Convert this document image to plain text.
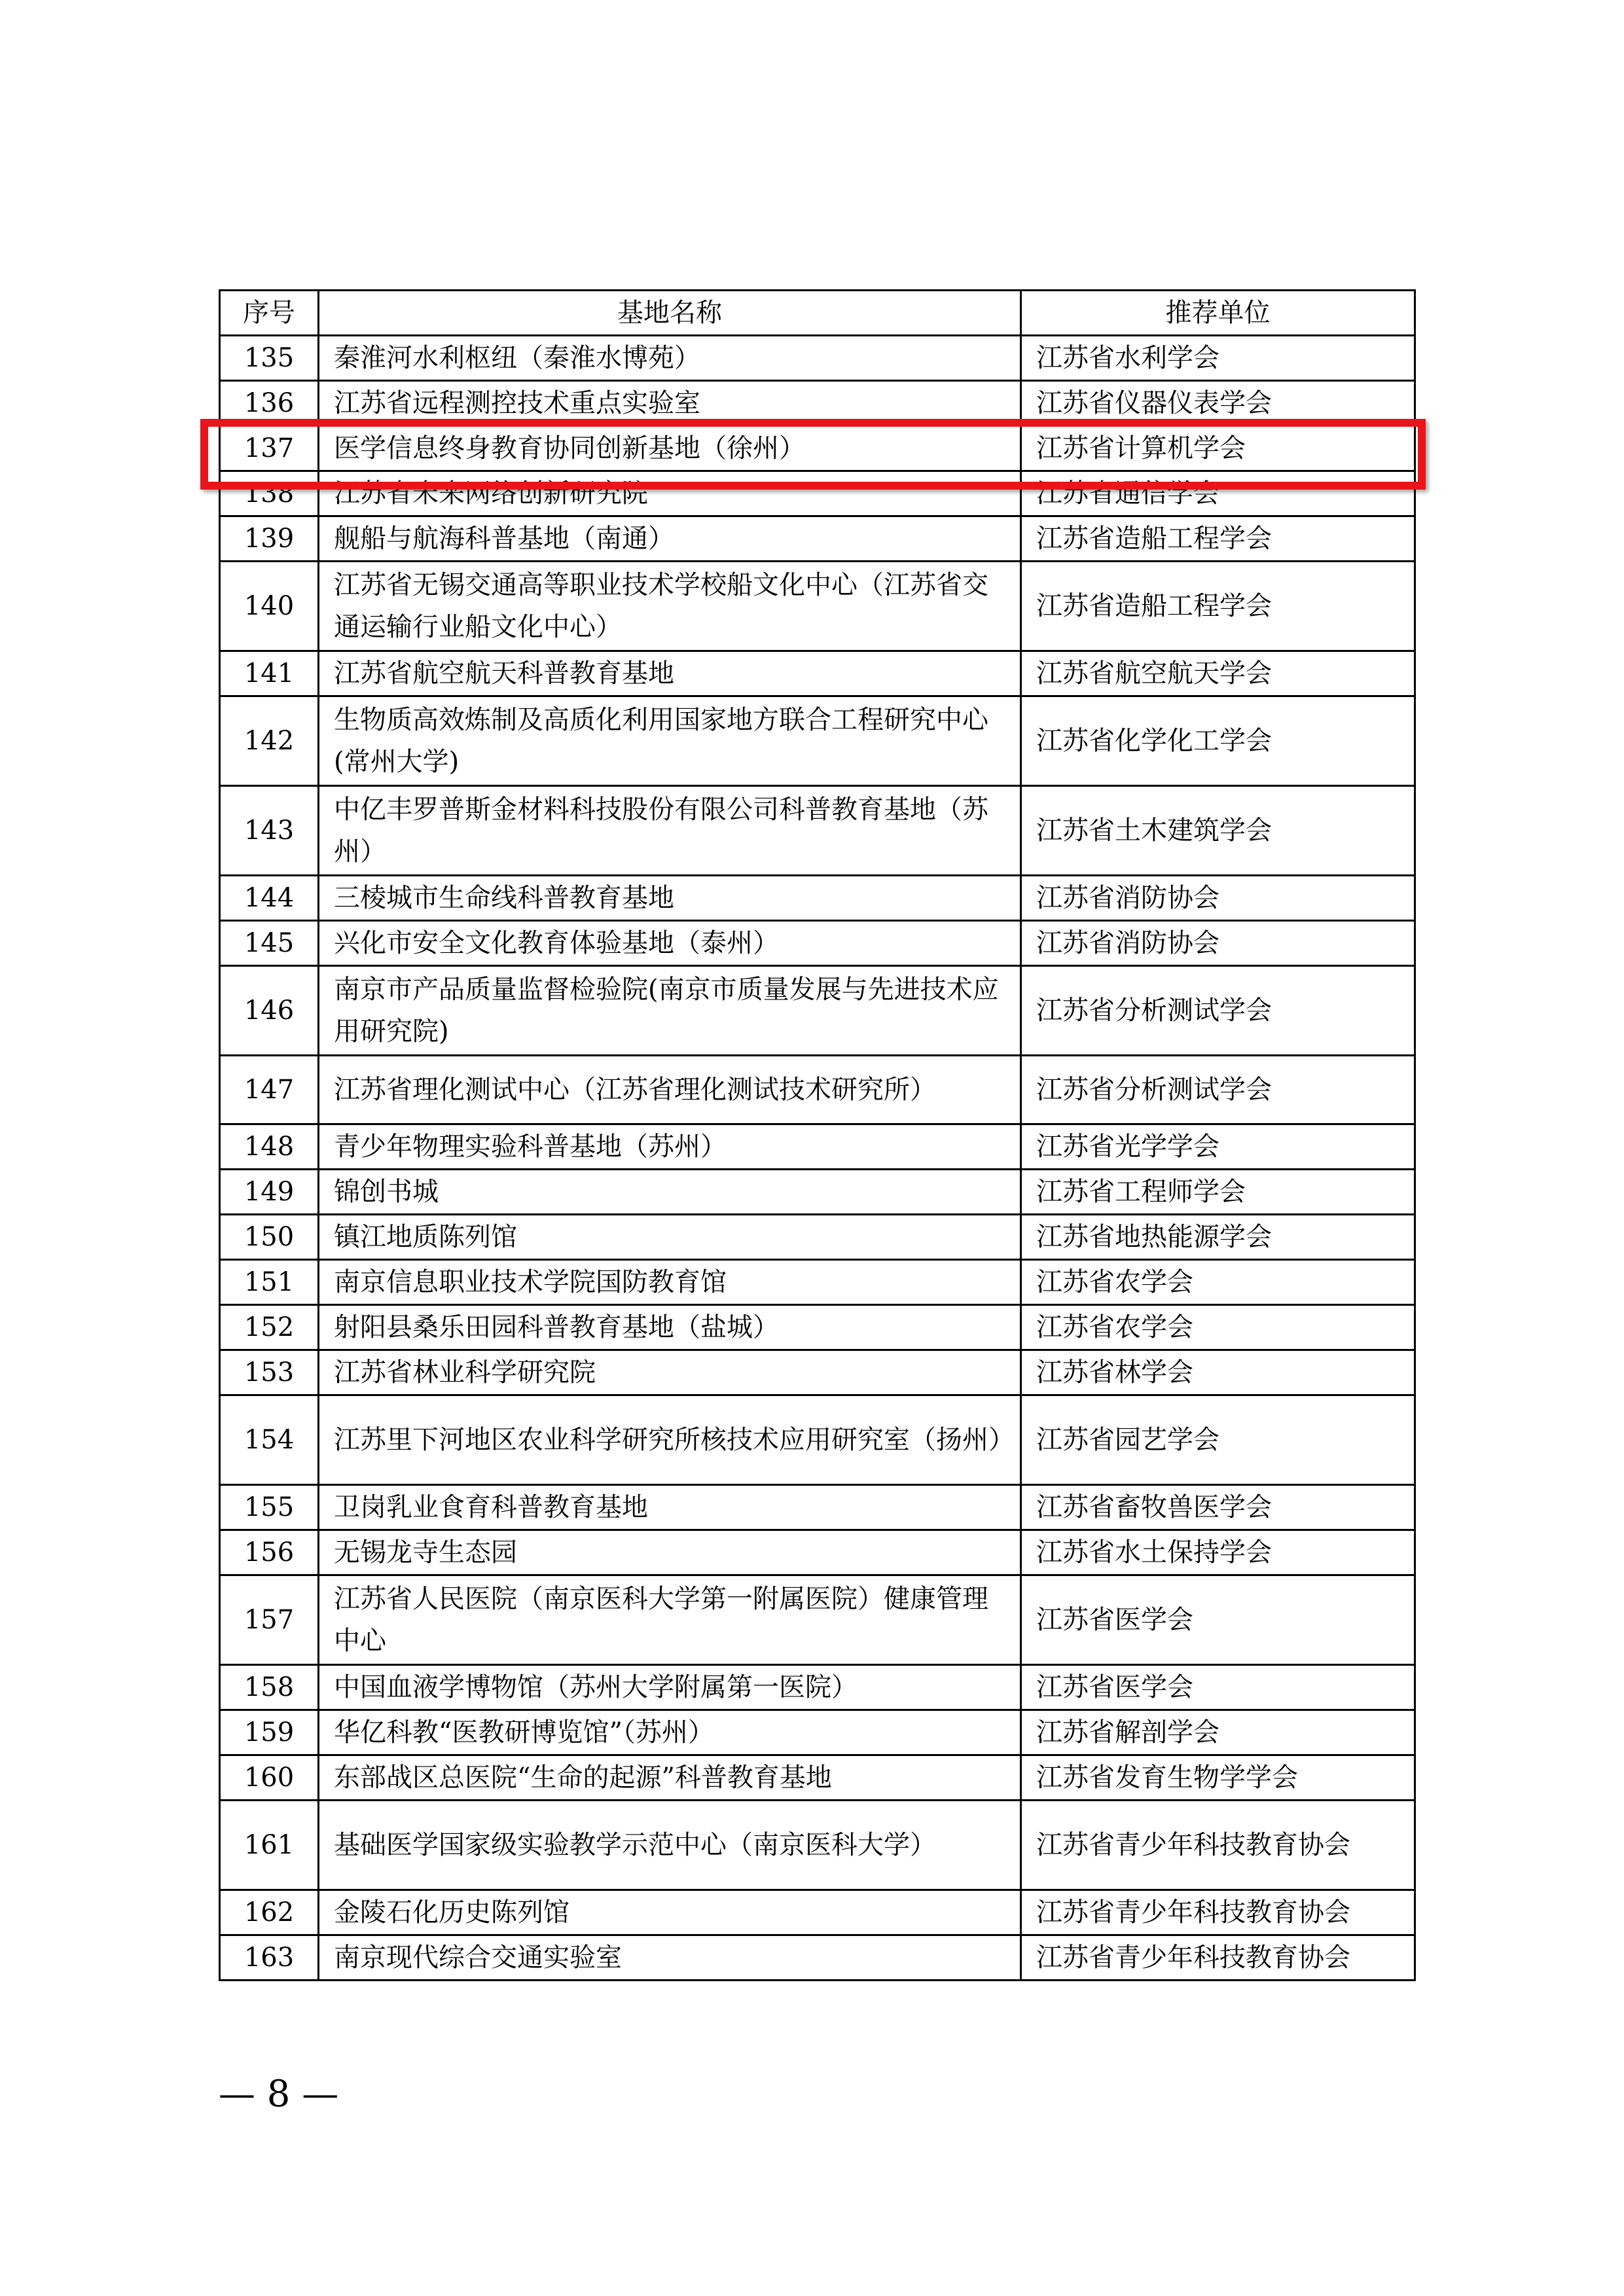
序号	基地名称	推荐单位
135	秦淮河水利枢纽（秦淮水博苑）	江苏省水利学会
136	江苏省远程测控技术重点实验室	江苏省仪器仪表学会
137	医学信息终身教育协同创新基地（徐州）	江苏省计算机学会
138	江苏省未来网络创新研究院	江苏省通信学会
139	舰船与航海科普基地（南通）	江苏省造船工程学会
140	江苏省无锡交通高等职业技术学校船文化中心（江苏省交通运输行业船文化中心）	江苏省造船工程学会
141	江苏省航空航天科普教育基地	江苏省航空航天学会
142	生物质高效炼制及高质化利用国家地方联合工程研究中心(常州大学)	江苏省化学化工学会
143	中亿丰罗普斯金材料科技股份有限公司科普教育基地（苏州）	江苏省土木建筑学会
144	三棱城市生命线科普教育基地	江苏省消防协会
145	兴化市安全文化教育体验基地（泰州）	江苏省消防协会
146	南京市产品质量监督检验院(南京市质量发展与先进技术应用研究院)	江苏省分析测试学会
147	江苏省理化测试中心（江苏省理化测试技术研究所）	江苏省分析测试学会
148	青少年物理实验科普基地（苏州）	江苏省光学学会
149	锦创书城	江苏省工程师学会
150	镇江地质陈列馆	江苏省地热能源学会
151	南京信息职业技术学院国防教育馆	江苏省农学会
152	射阳县桑乐田园科普教育基地（盐城）	江苏省农学会
153	江苏省林业科学研究院	江苏省林学会
154	江苏里下河地区农业科学研究所核技术应用研究室（扬州）	江苏省园艺学会
155	卫岗乳业食育科普教育基地	江苏省畜牧兽医学会
156	无锡龙寺生态园	江苏省水土保持学会
157	江苏省人民医院（南京医科大学第一附属医院）健康管理中心	江苏省医学会
158	中国血液学博物馆（苏州大学附属第一医院）	江苏省医学会
159	华亿科教“医教研博览馆”（苏州）	江苏省解剖学会
160	东部战区总医院“生命的起源”科普教育基地	江苏省发育生物学学会
161	基础医学国家级实验教学示范中心（南京医科大学）	江苏省青少年科技教育协会
162	金陵石化历史陈列馆	江苏省青少年科技教育协会
163	南京现代综合交通实验室	江苏省青少年科技教育协会
— 8 —
